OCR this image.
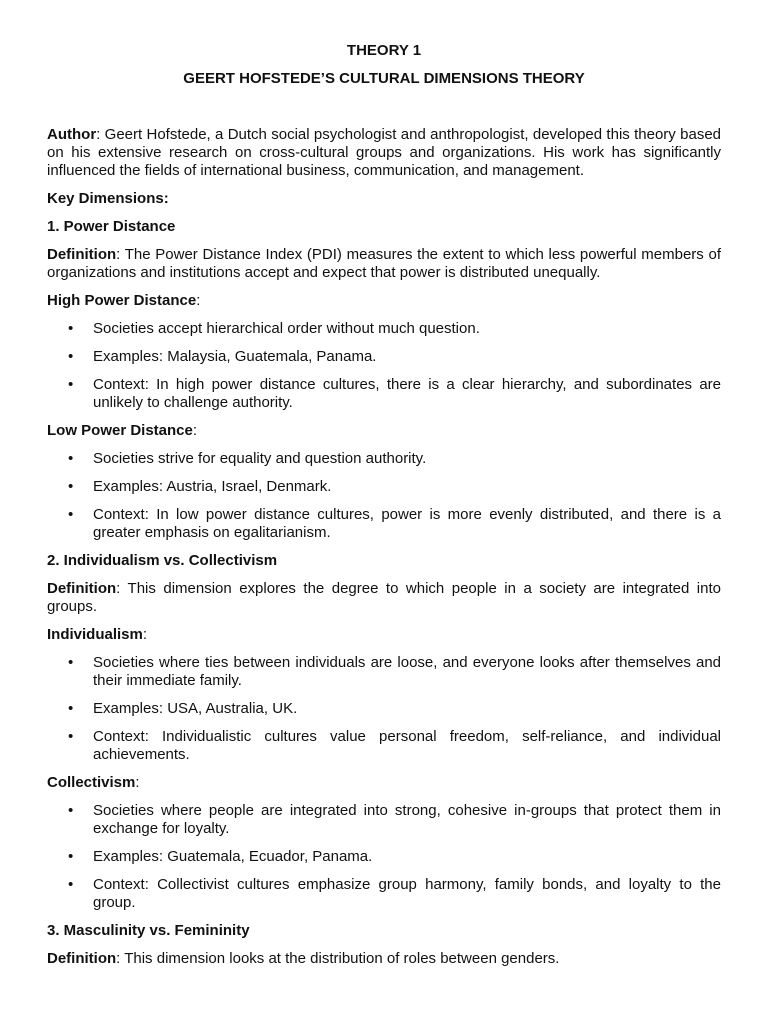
THEORY 1
GEERT HOFSTEDE’S CULTURAL DIMENSIONS THEORY

Author: Geert Hofstede, a Dutch social psychologist and anthropologist, developed this theory based on his extensive research on cross-cultural groups and organizations. His work has significantly influenced the fields of international business, communication, and management.

Key Dimensions:

1. Power Distance

Definition: The Power Distance Index (PDI) measures the extent to which less powerful members of organizations and institutions accept and expect that power is distributed unequally.

High Power Distance:

• Societies accept hierarchical order without much question.
• Examples: Malaysia, Guatemala, Panama.
• Context: In high power distance cultures, there is a clear hierarchy, and subordinates are unlikely to challenge authority.

Low Power Distance:

• Societies strive for equality and question authority.
• Examples: Austria, Israel, Denmark.
• Context: In low power distance cultures, power is more evenly distributed, and there is a greater emphasis on egalitarianism.

2. Individualism vs. Collectivism

Definition: This dimension explores the degree to which people in a society are integrated into groups.

Individualism:

• Societies where ties between individuals are loose, and everyone looks after themselves and their immediate family.
• Examples: USA, Australia, UK.
• Context: Individualistic cultures value personal freedom, self-reliance, and individual achievements.

Collectivism:

• Societies where people are integrated into strong, cohesive in-groups that protect them in exchange for loyalty.
• Examples: Guatemala, Ecuador, Panama.
• Context: Collectivist cultures emphasize group harmony, family bonds, and loyalty to the group.

3. Masculinity vs. Femininity

Definition: This dimension looks at the distribution of roles between genders.
